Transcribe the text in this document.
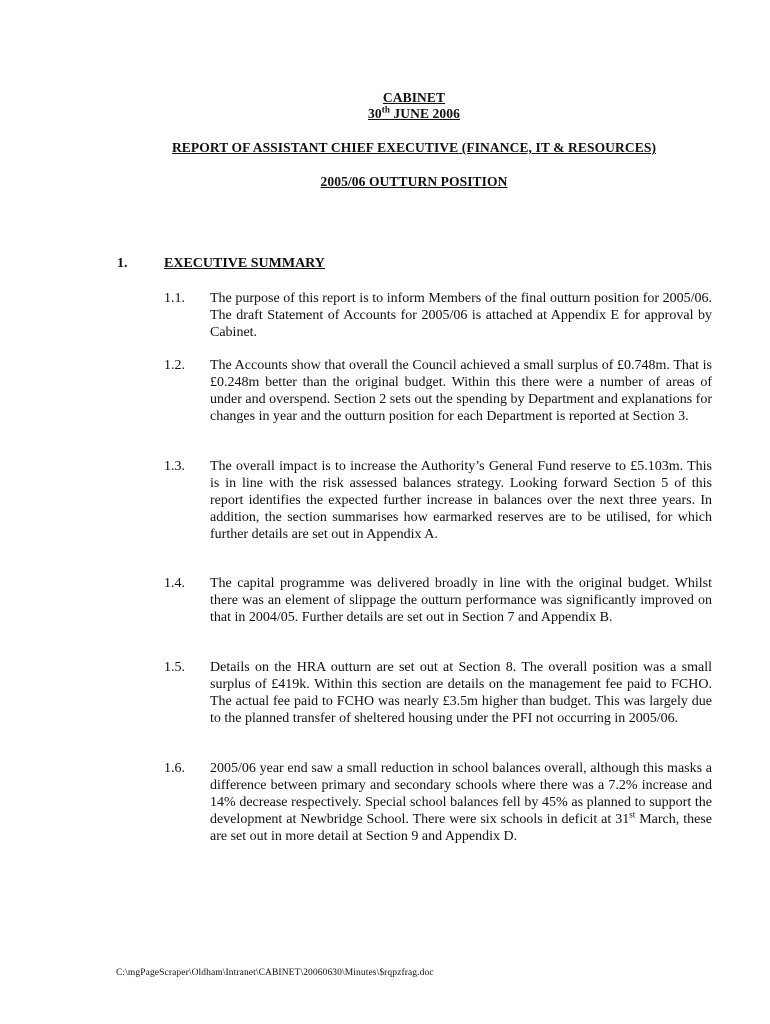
CABINET
30th JUNE 2006
REPORT OF ASSISTANT CHIEF EXECUTIVE (FINANCE, IT & RESOURCES)
2005/06 OUTTURN POSITION
1.	EXECUTIVE SUMMARY
1.1. The purpose of this report is to inform Members of the final outturn position for 2005/06. The draft Statement of Accounts for 2005/06 is attached at Appendix E for approval by Cabinet.
1.2. The Accounts show that overall the Council achieved a small surplus of £0.748m. That is £0.248m better than the original budget. Within this there were a number of areas of under and overspend. Section 2 sets out the spending by Department and explanations for changes in year and the outturn position for each Department is reported at Section 3.
1.3. The overall impact is to increase the Authority’s General Fund reserve to £5.103m. This is in line with the risk assessed balances strategy. Looking forward Section 5 of this report identifies the expected further increase in balances over the next three years. In addition, the section summarises how earmarked reserves are to be utilised, for which further details are set out in Appendix A.
1.4. The capital programme was delivered broadly in line with the original budget. Whilst there was an element of slippage the outturn performance was significantly improved on that in 2004/05. Further details are set out in Section 7 and Appendix B.
1.5. Details on the HRA outturn are set out at Section 8. The overall position was a small surplus of £419k. Within this section are details on the management fee paid to FCHO. The actual fee paid to FCHO was nearly £3.5m higher than budget. This was largely due to the planned transfer of sheltered housing under the PFI not occurring in 2005/06.
1.6. 2005/06 year end saw a small reduction in school balances overall, although this masks a difference between primary and secondary schools where there was a 7.2% increase and 14% decrease respectively. Special school balances fell by 45% as planned to support the development at Newbridge School. There were six schools in deficit at 31st March, these are set out in more detail at Section 9 and Appendix D.
C:\mgPageScraper\Oldham\Intranet\CABINET\20060630\Minutes\$rqpzfrag.doc
